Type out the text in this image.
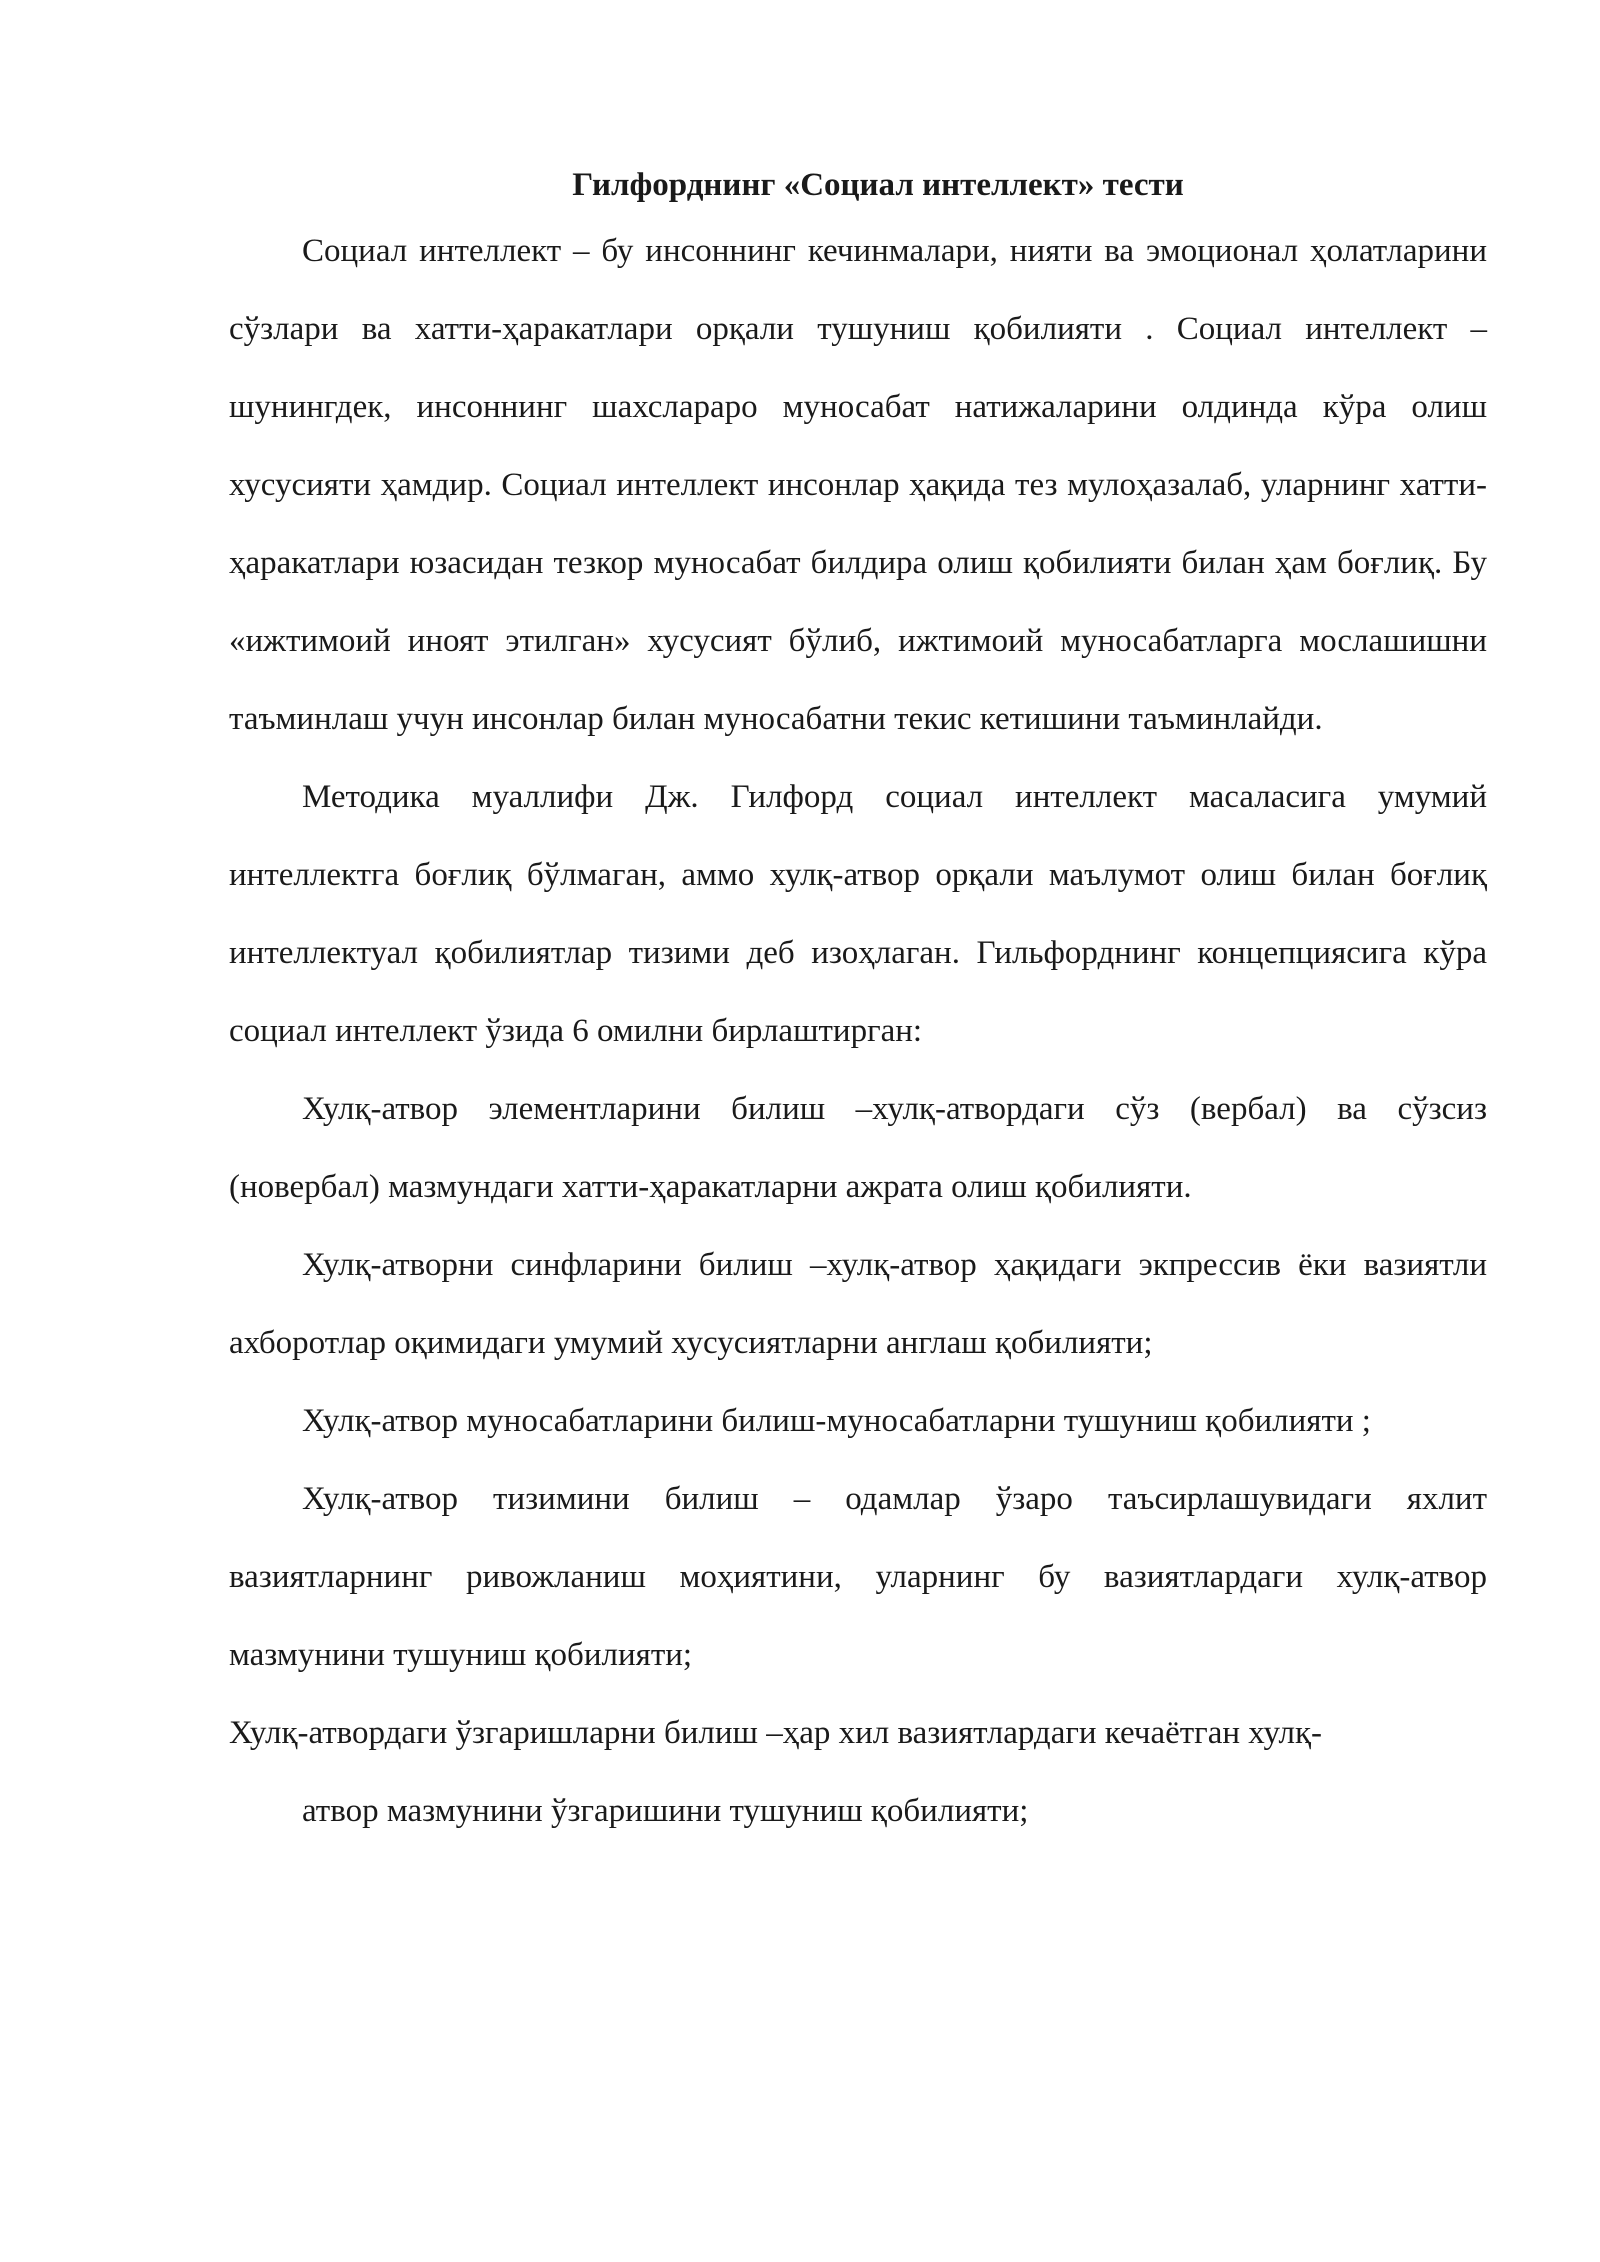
Гилфорднинг «Социал интеллект» тести

Социал интеллект – бу инсоннинг кечинмалари, нияти ва эмоционал ҳолатларини сўзлари ва хатти-ҳаракатлари орқали тушуниш қобилияти . Социал интеллект – шунингдек, инсоннинг шахслараро муносабат натижаларини олдинда кўра олиш хусусияти ҳамдир. Социал интеллект инсонлар ҳақида тез мулоҳазалаб, уларнинг хатти-ҳаракатлари юзасидан тезкор муносабат билдира олиш қобилияти билан ҳам боғлиқ. Бу «ижтимоий иноят этилган» хусусият бўлиб, ижтимоий муносабатларга мослашишни таъминлаш учун инсонлар билан муносабатни текис кетишини таъминлайди.

Методика муаллифи Дж. Гилфорд социал интеллект масаласига умумий интеллектга боғлиқ бўлмаган, аммо хулқ-атвор орқали маълумот олиш билан боғлиқ интеллектуал қобилиятлар тизими деб изоҳлаган. Гильфорднинг концепциясига кўра социал интеллект ўзида 6 омилни бирлаштирган:

Хулқ-атвор элементларини билиш –хулқ-атвордаги сўз (вербал) ва сўзсиз (новербал) мазмундаги хатти-ҳаракатларни ажрата олиш қобилияти.

Хулқ-атворни синфларини билиш –хулқ-атвор ҳақидаги экпрессив ёки вазиятли ахборотлар оқимидаги умумий хусусиятларни англаш қобилияти;

Хулқ-атвор муносабатларини билиш-муносабатларни тушуниш қобилияти ;

Хулқ-атвор тизимини билиш – одамлар ўзаро таъсирлашувидаги яхлит вазиятларнинг ривожланиш моҳиятини, уларнинг бу вазиятлардаги хулқ-атвор мазмунини тушуниш қобилияти;

Хулқ-атвордаги ўзгаришларни билиш –ҳар хил вазиятлардаги кечаётган хулқ-

атвор мазмунини ўзгаришини тушуниш қобилияти;
